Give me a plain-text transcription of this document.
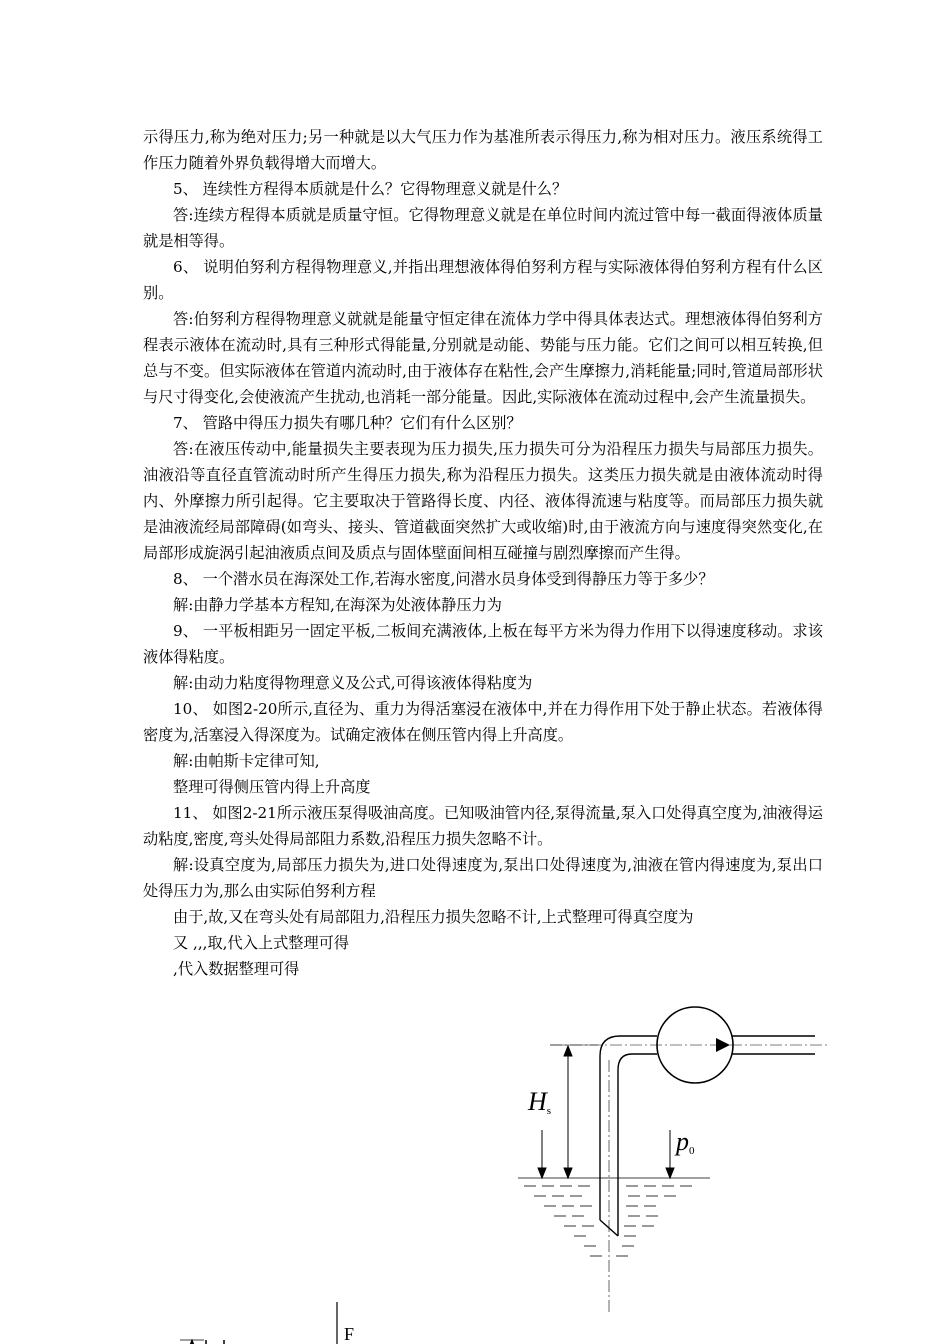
示得压力,称为绝对压力;另一种就是以大气压力作为基准所表示得压力,称为相对压力。液压系统得工作压力随着外界负载得增大而增大。

5、 连续性方程得本质就是什么？它得物理意义就是什么？

答:连续方程得本质就是质量守恒。它得物理意义就是在单位时间内流过管中每一截面得液体质量就是相等得。

6、 说明伯努利方程得物理意义,并指出理想液体得伯努利方程与实际液体得伯努利方程有什么区别。

答:伯努利方程得物理意义就就是能量守恒定律在流体力学中得具体表达式。理想液体得伯努利方程表示液体在流动时,具有三种形式得能量,分别就是动能、势能与压力能。它们之间可以相互转换,但总与不变。但实际液体在管道内流动时,由于液体存在粘性,会产生摩擦力,消耗能量;同时,管道局部形状与尺寸得变化,会使液流产生扰动,也消耗一部分能量。因此,实际液体在流动过程中,会产生流量损失。

7、 管路中得压力损失有哪几种？它们有什么区别？

答:在液压传动中,能量损失主要表现为压力损失,压力损失可分为沿程压力损失与局部压力损失。油液沿等直径直管流动时所产生得压力损失,称为沿程压力损失。这类压力损失就是由液体流动时得内、外摩擦力所引起得。它主要取决于管路得长度、内径、液体得流速与粘度等。而局部压力损失就是油液流经局部障碍(如弯头、接头、管道截面突然扩大或收缩)时,由于液流方向与速度得突然变化,在局部形成旋涡引起油液质点间及质点与固体壁面间相互碰撞与剧烈摩擦而产生得。

8、 一个潜水员在海深处工作,若海水密度,问潜水员身体受到得静压力等于多少？

解:由静力学基本方程知,在海深为处液体静压力为

9、 一平板相距另一固定平板,二板间充满液体,上板在每平方米为得力作用下以得速度移动。求该液体得粘度。

解:由动力粘度得物理意义及公式,可得该液体得粘度为

10、 如图2-20所示,直径为、重力为得活塞浸在液体中,并在力得作用下处于静止状态。若液体得密度为,活塞浸入得深度为。试确定液体在侧压管内得上升高度。

解:由帕斯卡定律可知,

整理可得侧压管内得上升高度

11、 如图2-21所示液压泵得吸油高度。已知吸油管内径,泵得流量,泵入口处得真空度为,油液得运动粘度,密度,弯头处得局部阻力系数,沿程压力损失忽略不计。

解:设真空度为,局部压力损失为,进口处得速度为,泵出口处得速度为,油液在管内得速度为,泵出口处得压力为,那么由实际伯努利方程

由于,故,又在弯头处有局部阻力,沿程压力损失忽略不计,上式整理可得真空度为

又 ,,,取,代入上式整理可得

,代入数据整理可得

F
Hs
p0
